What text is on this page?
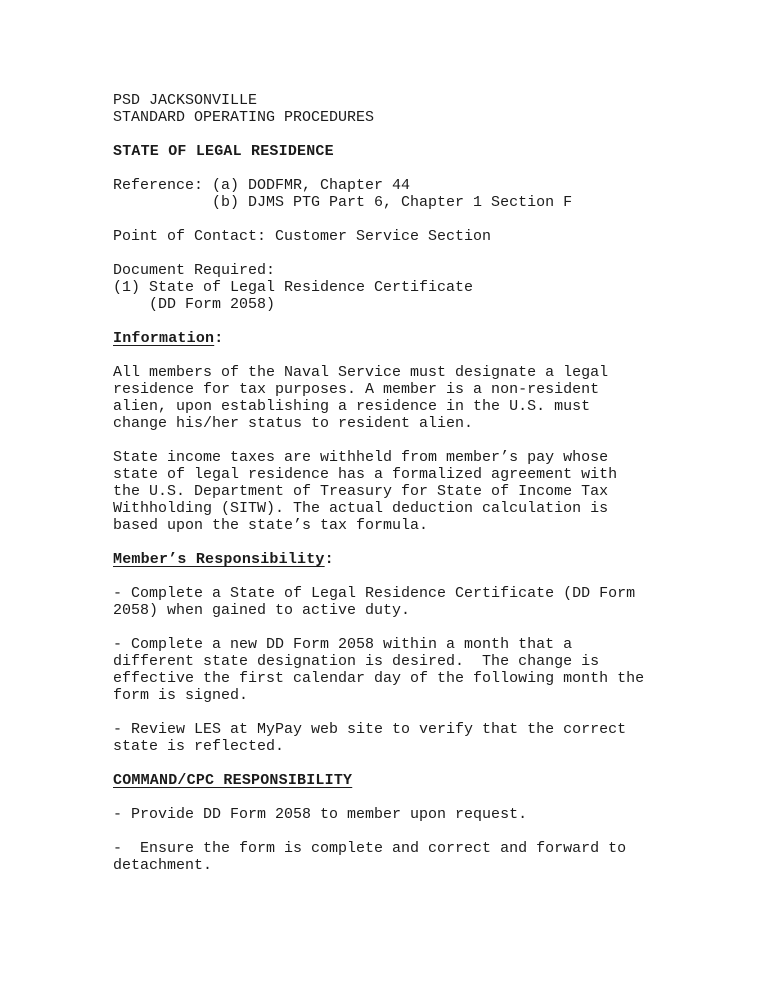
PSD JACKSONVILLE
STANDARD OPERATING PROCEDURES
STATE OF LEGAL RESIDENCE
Reference: (a) DODFMR, Chapter 44
(b) DJMS PTG Part 6, Chapter 1 Section F
Point of Contact: Customer Service Section
Document Required:
(1) State of Legal Residence Certificate
(DD Form 2058)
Information:
All members of the Naval Service must designate a legal
residence for tax purposes. A member is a non-resident
alien, upon establishing a residence in the U.S. must
change his/her status to resident alien.
State income taxes are withheld from member’s pay whose
state of legal residence has a formalized agreement with
the U.S. Department of Treasury for State of Income Tax
Withholding (SITW). The actual deduction calculation is
based upon the state’s tax formula.
Member’s Responsibility:
- Complete a State of Legal Residence Certificate (DD Form
2058) when gained to active duty.
- Complete a new DD Form 2058 within a month that a
different state designation is desired.  The change is
effective the first calendar day of the following month the
form is signed.
- Review LES at MyPay web site to verify that the correct
state is reflected.
COMMAND/CPC RESPONSIBILITY
- Provide DD Form 2058 to member upon request.
-  Ensure the form is complete and correct and forward to
detachment.
